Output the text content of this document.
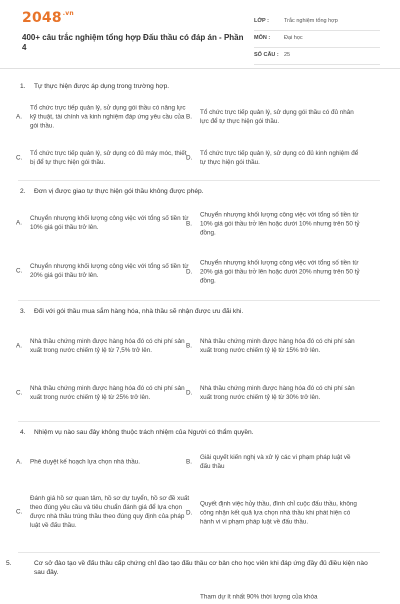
$2048^{.vn}$
400+ câu trắc nghiệm tổng hợp Đấu thầu có đáp án - Phần 4
LỚP :	Trắc nghiệm tổng hợp
MÔN :	Đại học
SỐ CÂU : 25
1. Tự thực hiện được áp dụng trong trường hợp.
A.
Tổ chức trực tiếp quản lý, sử dụng gói thầu có năng lực kỹ thuật, tài chính và kinh nghiệm đáp ứng yêu cầu của gói thầu.
B.
Tổ chức trực tiếp quản lý, sử dụng gói thầu có đủ nhân lực để tự thực hiện gói thầu.
C.
Tổ chức trực tiếp quản lý, sử dụng có đủ máy móc, thiết bị để tự thực hiện gói thầu.
D.
Tổ chức trực tiếp quản lý, sử dụng có đủ kinh nghiệm để tự thực hiện gói thầu.
2. Đơn vị được giao tự thực hiện gói thầu không được phép.
A.
Chuyển nhượng khối lượng công việc với tổng số tiền từ 10% giá gói thầu trở lên.	B.
Chuyển nhượng khối lượng công việc với tổng số tiền từ 10% giá gói thầu trở lên hoặc dưới 10% nhưng trên 50 tỷ đồng.
C.
Chuyển nhượng khối lượng công việc với tổng số tiền từ 20% giá gói thầu trở lên.	D.
Chuyển nhượng khối lượng công việc với tổng số tiền từ 20% giá gói thầu trở lên hoặc dưới 20% nhưng trên 50 tỷ đồng.
3. Đối với gói thầu mua sắm hàng hóa, nhà thầu sẽ nhận được ưu đãi khi.
A.
Nhà thầu chứng minh được hàng hóa đó có chi phí sản xuất trong nước chiếm tỷ lệ từ 7,5% trở lên.
B.
Nhà thầu chứng minh được hàng hóa đó có chi phí sản xuất trong nước chiếm tỷ lệ từ 15% trở lên.
C.
Nhà thầu chứng minh được hàng hóa đó có chi phí sản xuất trong nước chiếm tỷ lệ từ 25% trở lên.
D.
Nhà thầu chứng minh được hàng hóa đó có chi phí sản xuất trong nước chiếm tỷ lệ từ 30% trở lên.
4. Nhiệm vụ nào sau đây không thuộc trách nhiệm của Người có thẩm quyền.
A. Phê duyệt kế hoạch lựa chọn nhà thầu.	B.
Giải quyết kiến nghị và xử lý các vi phạm pháp luật về đấu thầu
C.
Đánh giá hồ sơ quan tâm, hồ sơ dự tuyển, hồ sơ đề xuất theo đúng yêu cầu và tiêu chuẩn đánh giá để lựa chọn được nhà thầu trúng thầu theo đúng quy định của pháp luật về đấu thầu.
D.
Quyết định việc hủy thầu, đình chỉ cuộc đấu thầu, không công nhận kết quả lựa chọn nhà thầu khi phát hiện có hành vi vi phạm pháp luật về đấu thầu.
5.	Cơ sở đào tạo về đấu thầu cấp chứng chỉ đào tạo đấu thầu cơ bản cho học viên khi đáp ứng đầy đủ điều kiện nào sau đây.
Tham dự ít nhất 90% thời lượng của khóa
